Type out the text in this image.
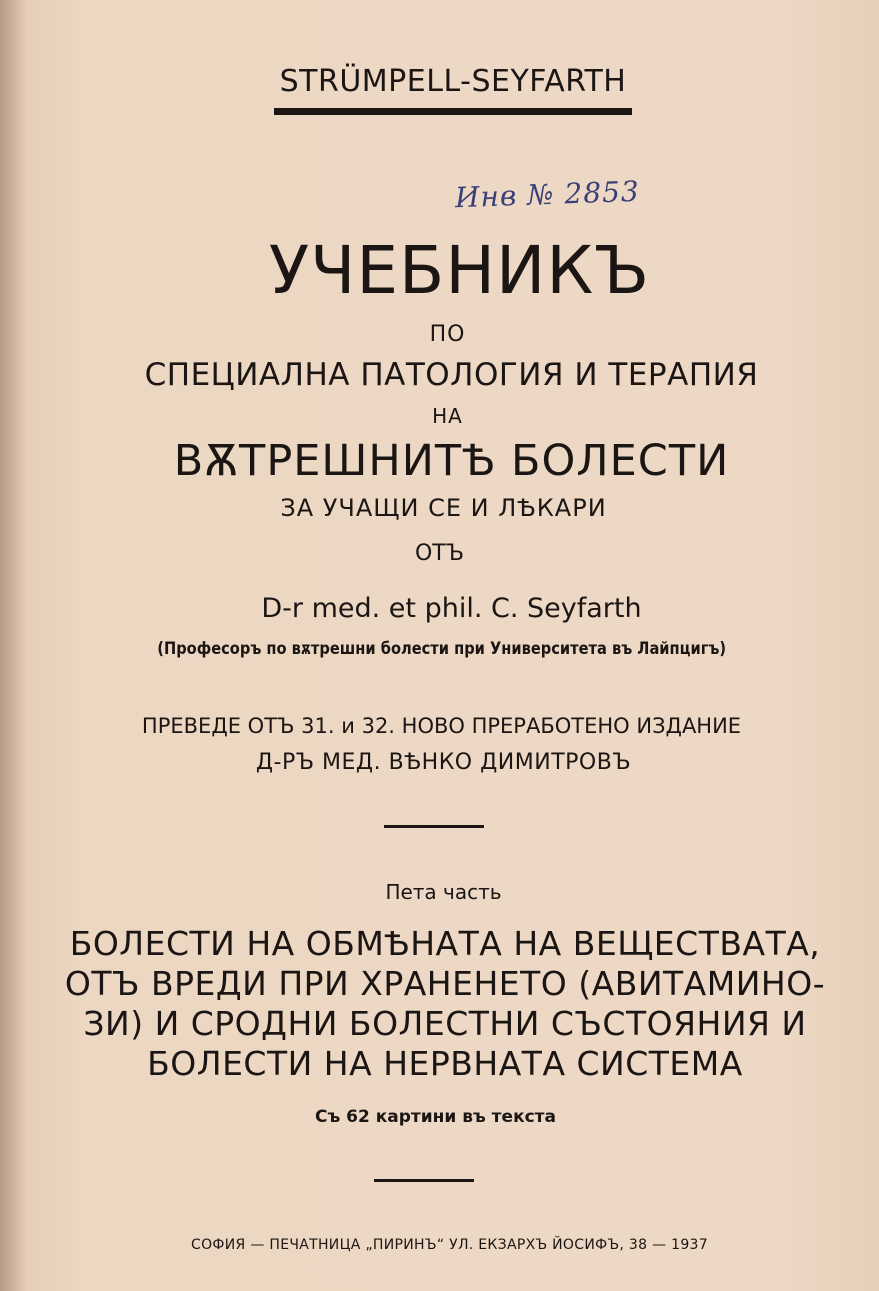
STRÜMPELL-SEYFARTH
Инв № 2853
УЧЕБНИКЪ
ПО
СПЕЦИАЛНА ПАТОЛОГИЯ И ТЕРАПИЯ
НА
ВѪТРЕШНИТѢ БОЛЕСТИ
ЗА УЧАЩИ СЕ И ЛѢКАРИ
ОТЪ
D-r med. et phil. C. Seyfarth
(Професоръ по вѫтрешни болести при Университета въ Лайпцигъ)
ПРЕВЕДЕ ОТЪ 31. и 32. НОВО ПРЕРАБОТЕНО ИЗДАНИЕ
Д-РЪ МЕД. ВѢНКО ДИМИТРОВЪ
Пета часть
БОЛЕСТИ НА ОБМѢНАТА НА ВЕЩЕСТВАТА,
ОТЪ ВРЕДИ ПРИ ХРАНЕНЕТО (АВИТАМИНО-
ЗИ) И СРОДНИ БОЛЕСТНИ СЪСТОЯНИЯ И
БОЛЕСТИ НА НЕРВНАТА СИСТЕМА
Съ 62 картини въ текста
СОФИЯ — ПЕЧАТНИЦА „ПИРИНЪ“ УЛ. ЕКЗАРХЪ ЙОСИФЪ, 38 — 1937
